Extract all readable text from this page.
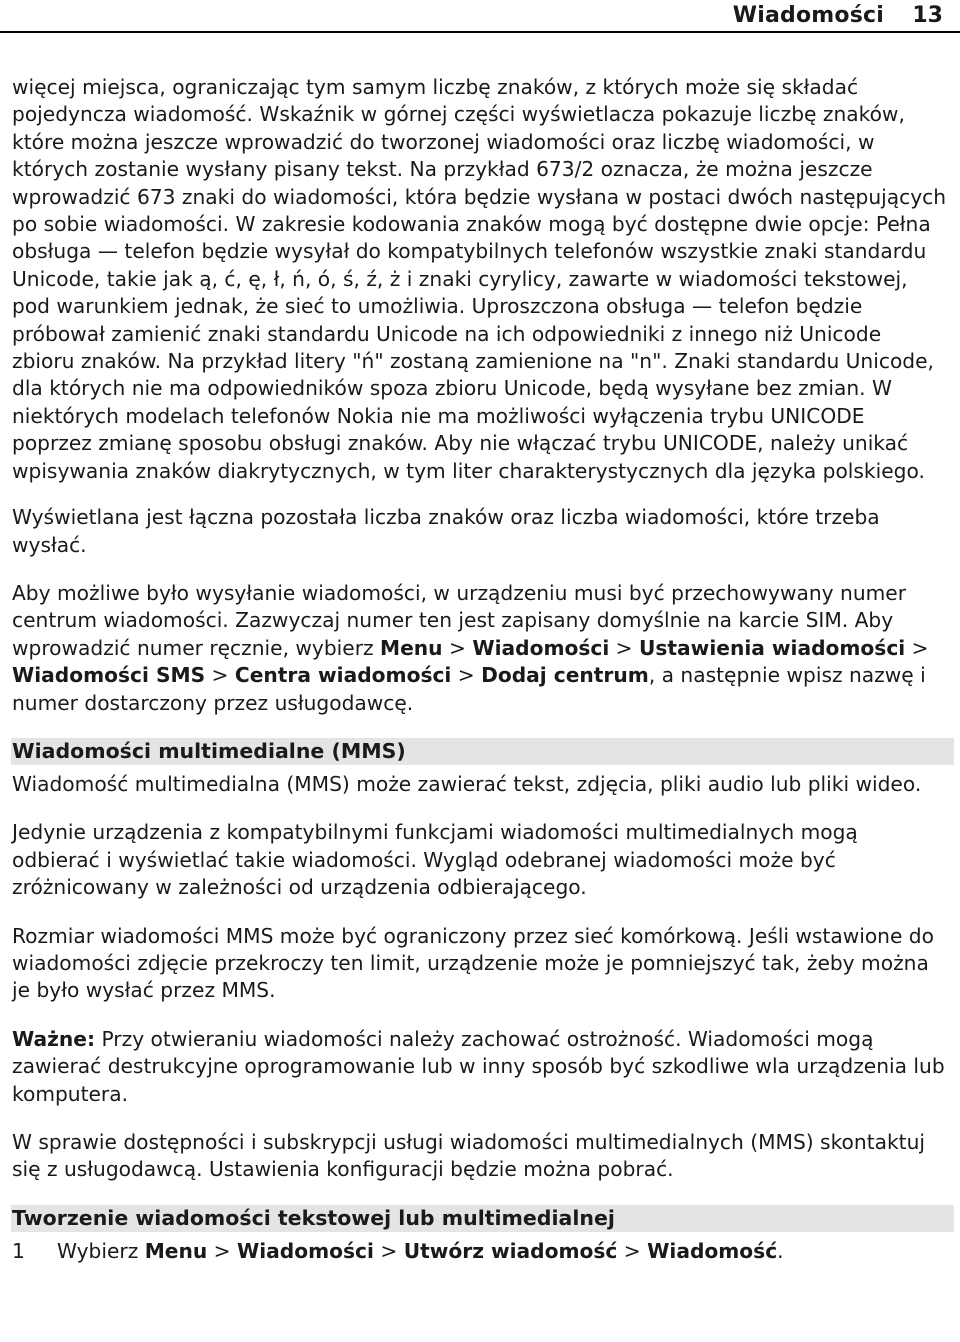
Wiadomości 13

więcej miejsca, ograniczając tym samym liczbę znaków, z których może się składać pojedyncza wiadomość. Wskaźnik w górnej części wyświetlacza pokazuje liczbę znaków, które można jeszcze wprowadzić do tworzonej wiadomości oraz liczbę wiadomości, w których zostanie wysłany pisany tekst. Na przykład 673/2 oznacza, że można jeszcze wprowadzić 673 znaki do wiadomości, która będzie wysłana w postaci dwóch następujących po sobie wiadomości. W zakresie kodowania znaków mogą być dostępne dwie opcje: Pełna obsługa — telefon będzie wysyłał do kompatybilnych telefonów wszystkie znaki standardu Unicode, takie jak ą, ć, ę, ł, ń, ó, ś, ź, ż i znaki cyrylicy, zawarte w wiadomości tekstowej, pod warunkiem jednak, że sieć to umożliwia. Uproszczona obsługa — telefon będzie próbował zamienić znaki standardu Unicode na ich odpowiedniki z innego niż Unicode zbioru znaków. Na przykład litery "ń" zostaną zamienione na "n". Znaki standardu Unicode, dla których nie ma odpowiedników spoza zbioru Unicode, będą wysyłane bez zmian. W niektórych modelach telefonów Nokia nie ma możliwości wyłączenia trybu UNICODE poprzez zmianę sposobu obsługi znaków. Aby nie włączać trybu UNICODE, należy unikać wpisywania znaków diakrytycznych, w tym liter charakterystycznych dla języka polskiego.

Wyświetlana jest łączna pozostała liczba znaków oraz liczba wiadomości, które trzeba wysłać.

Aby możliwe było wysyłanie wiadomości, w urządzeniu musi być przechowywany numer centrum wiadomości. Zazwyczaj numer ten jest zapisany domyślnie na karcie SIM. Aby wprowadzić numer ręcznie, wybierz Menu > Wiadomości > Ustawienia wiadomości > Wiadomości SMS > Centra wiadomości > Dodaj centrum, a następnie wpisz nazwę i numer dostarczony przez usługodawcę.

Wiadomości multimedialne (MMS)

Wiadomość multimedialna (MMS) może zawierać tekst, zdjęcia, pliki audio lub pliki wideo.

Jedynie urządzenia z kompatybilnymi funkcjami wiadomości multimedialnych mogą odbierać i wyświetlać takie wiadomości. Wygląd odebranej wiadomości może być zróżnicowany w zależności od urządzenia odbierającego.

Rozmiar wiadomości MMS może być ograniczony przez sieć komórkową. Jeśli wstawione do wiadomości zdjęcie przekroczy ten limit, urządzenie może je pomniejszyć tak, żeby można je było wysłać przez MMS.

Ważne: Przy otwieraniu wiadomości należy zachować ostrożność. Wiadomości mogą zawierać destrukcyjne oprogramowanie lub w inny sposób być szkodliwe wla urządzenia lub komputera.

W sprawie dostępności i subskrypcji usługi wiadomości multimedialnych (MMS) skontaktuj się z usługodawcą. Ustawienia konfiguracji będzie można pobrać.

Tworzenie wiadomości tekstowej lub multimedialnej
1	Wybierz Menu > Wiadomości > Utwórz wiadomość > Wiadomość.
